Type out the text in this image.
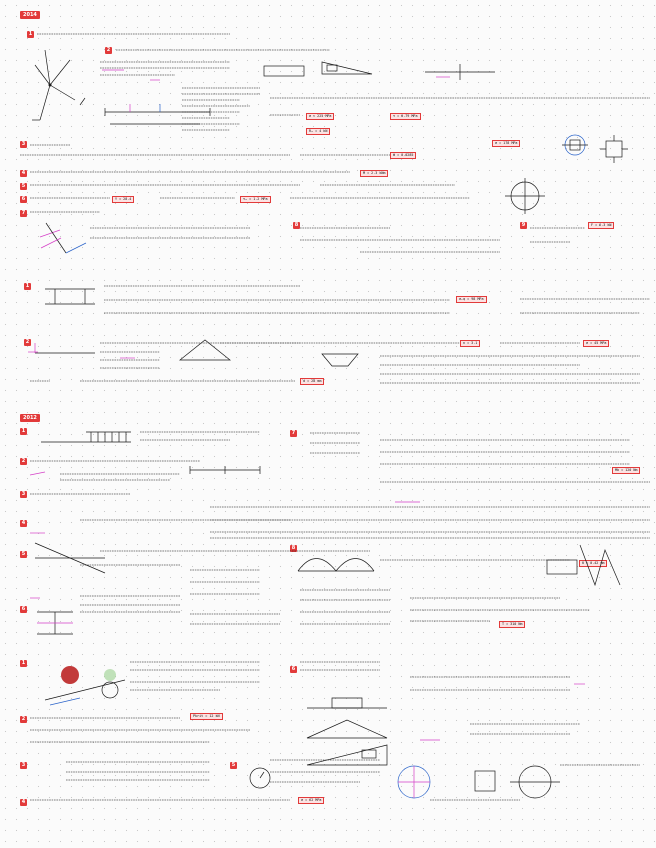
2014
2012
1
2
3
4
5
6
7
8	9
1
2
1
2
3
4
5
6
7
8
1
2
3
4
5
6
σ = 225 MPa	τ = 0.79 MPa
Rₐ = 4 kN
Φ = 0.0285
σ = 178 MPa
M = 2.3 kNm
Y = 28.4	τₐ = 1.2 MPa
F = 6.3 kN
σₑq = 98 MPa
n = 3.1	σ = 45 MPa
d = 28 mm
Mb = 120 Nm
δ = 0.42 mm
T = 310 Nm
Pkrit = 12 kN
σ = 62 MPa
